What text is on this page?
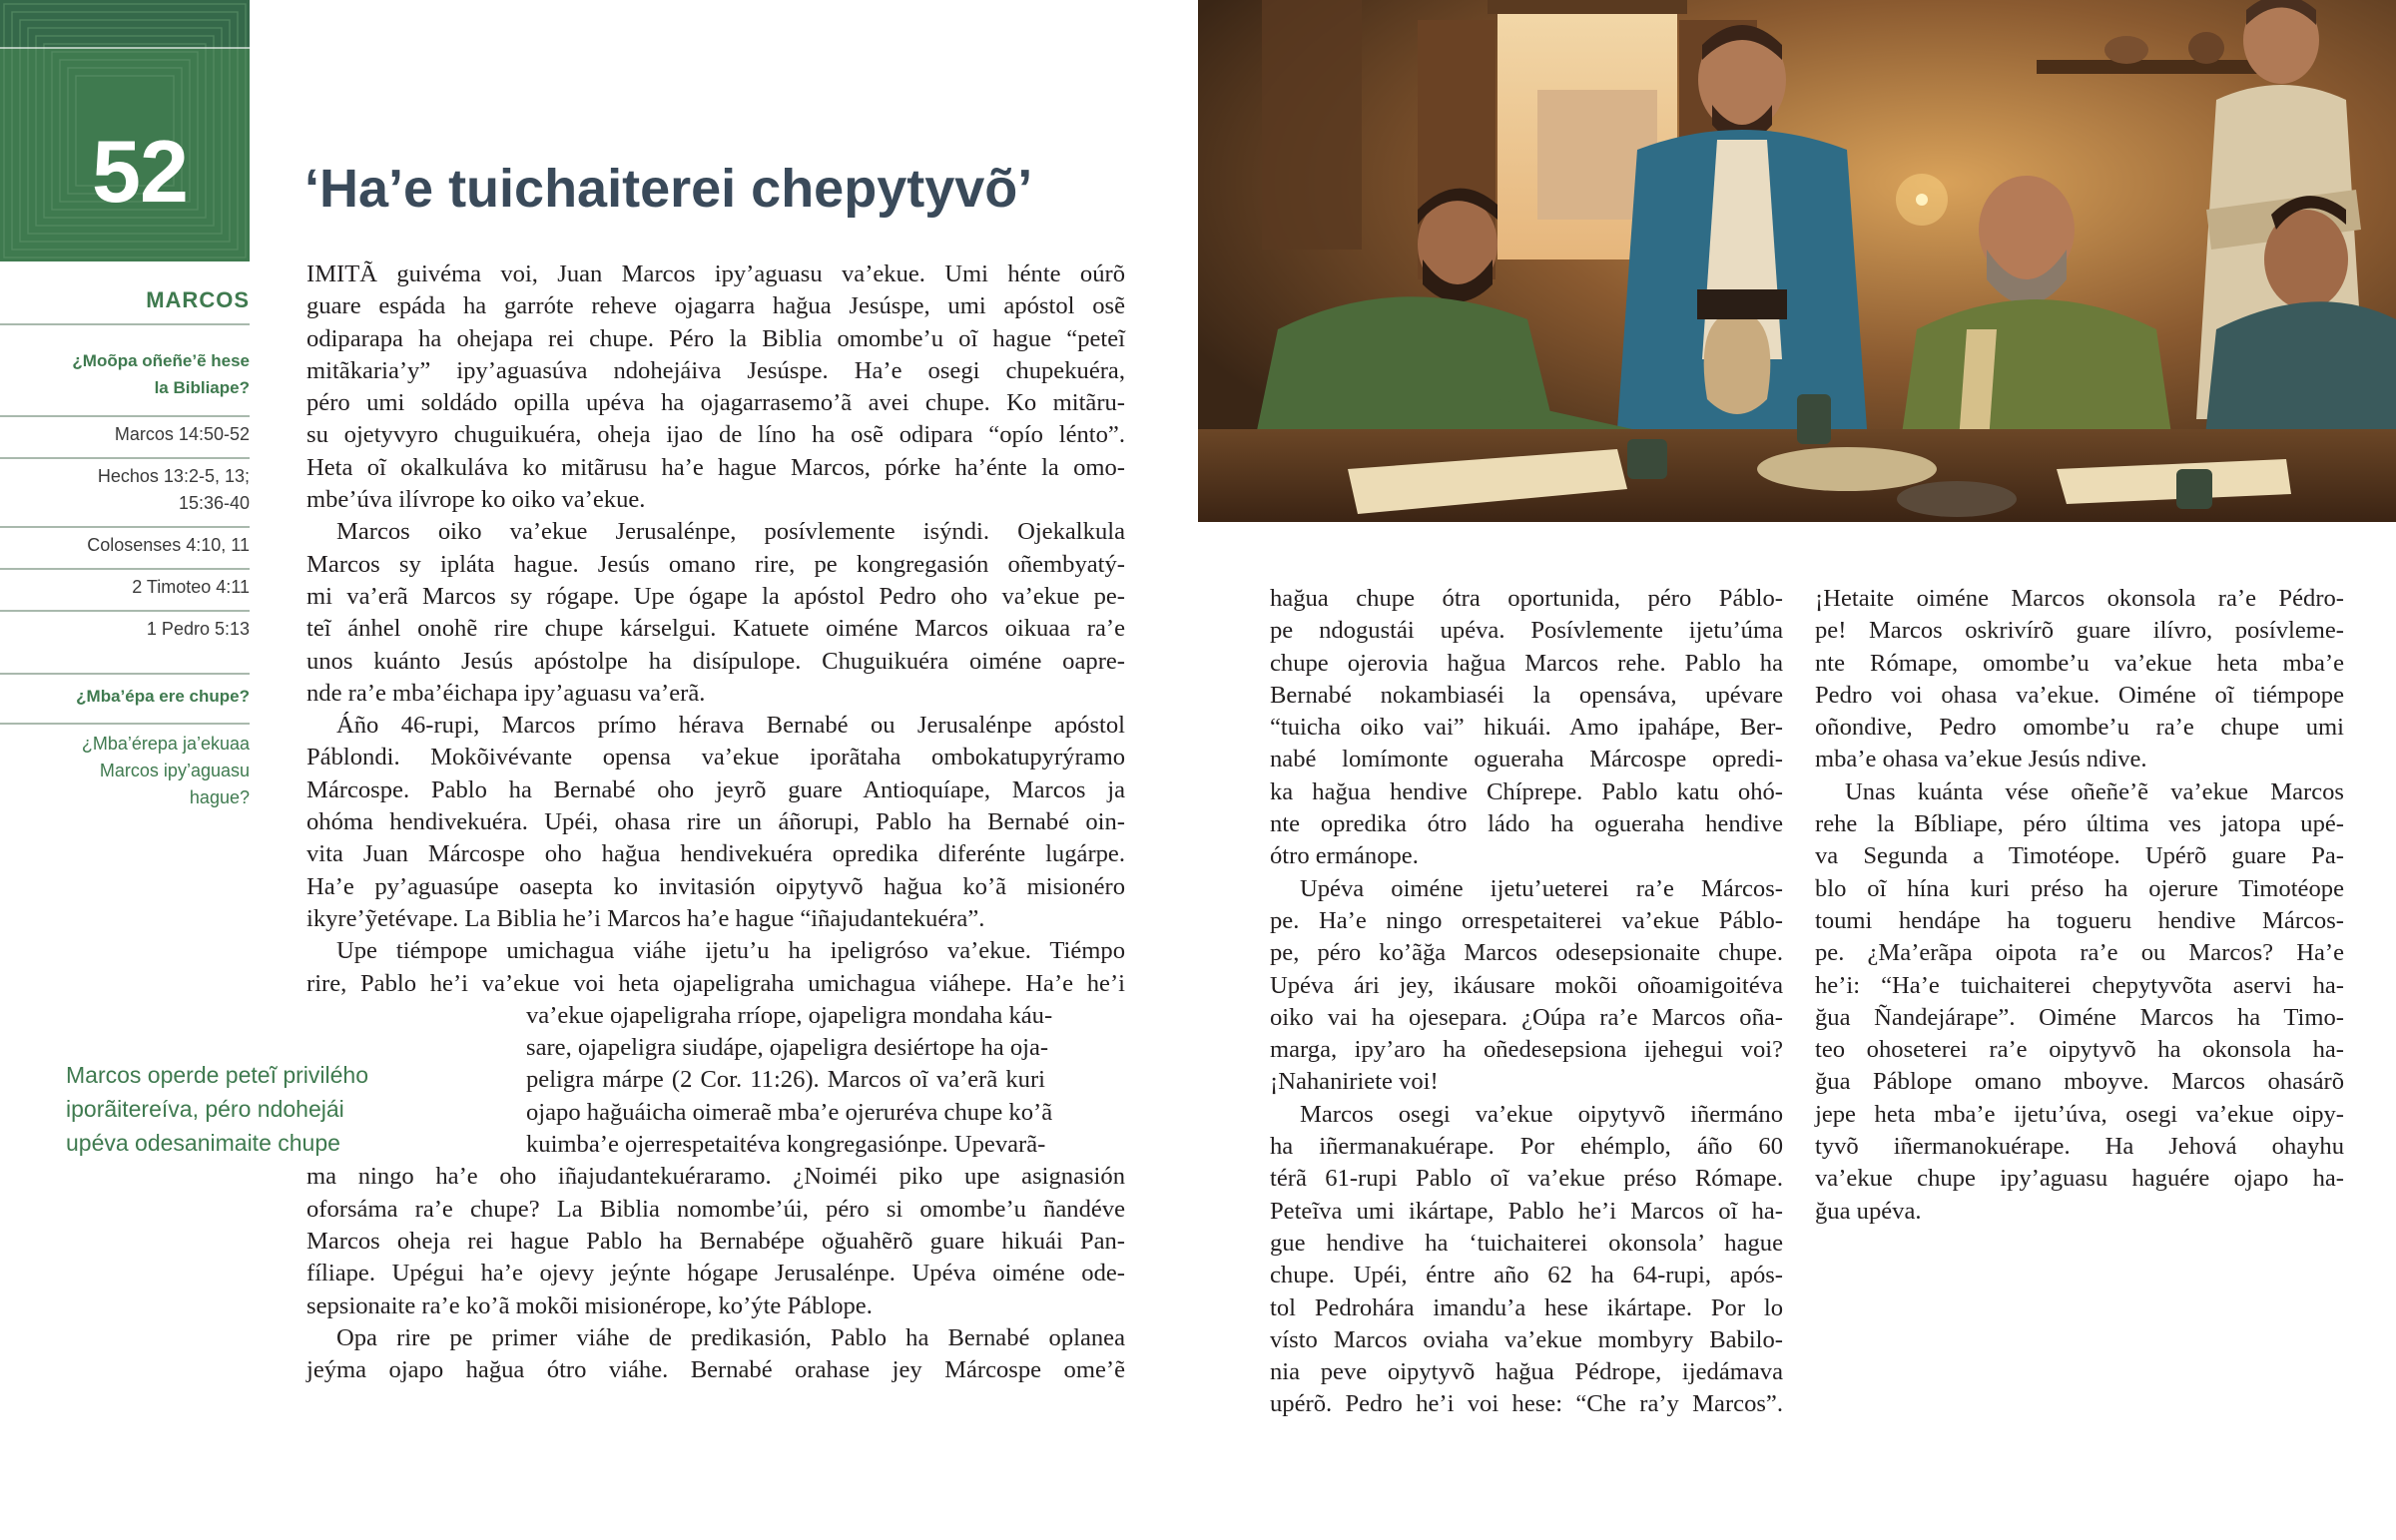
52
MARCOS
¿Moõpa oñeñe’ẽ hese
la Bibliape?
Marcos 14:50-52
Hechos 13:2-5, 13;
15:36-40
Colosenses 4:10, 11
2 Timoteo 4:11
1 Pedro 5:13
¿Mba’épa ere chupe?
¿Mba’érepa ja’ekuaa
Marcos ipy’aguasu
hague?
‘Ha’e tuichaiterei chepytyvõ’
Marcos operde peteĩ privilého
iporãitereíva, péro ndohejái
upéva odesanimaite chupe
IMITÃ guivéma voi, Juan Marcos ipy’aguasu va’ekue. Umi hénte oúrõ
guare espáda ha garróte reheve ojagarra hağua Jesúspe, umi apóstol osẽ
odiparapa ha ohejapa rei chupe. Péro la Biblia omombe’u oĩ hague “peteĩ
mitãkaria’y” ipy’aguasúva ndohejáiva Jesúspe. Ha’e osegi chupekuéra,
péro umi soldádo opilla upéva ha ojagarrasemo’ã avei chupe. Ko mitãru-
su ojetyvyro chuguikuéra, oheja ijao de líno ha osẽ odipara “opío lénto”.
Heta oĩ okalkuláva ko mitãrusu ha’e hague Marcos, pórke ha’énte la omo-
mbe’úva ilívrope ko oiko va’ekue.
Marcos oiko va’ekue Jerusalénpe, posívlemente isýndi. Ojekalkula
Marcos sy ipláta hague. Jesús omano rire, pe kongregasión oñembyatý-
mi va’erã Marcos sy rógape. Upe ógape la apóstol Pedro oho va’ekue pe-
teĩ ánhel onohẽ rire chupe kárselgui. Katuete oiméne Marcos oikuaa ra’e
unos kuánto Jesús apóstolpe ha disípulope. Chuguikuéra oiméne oapre-
nde ra’e mba’éichapa ipy’aguasu va’erã.
Áño 46-rupi, Marcos prímo hérava Bernabé ou Jerusalénpe apóstol
Páblondi. Mokõivévante opensa va’ekue iporãtaha ombokatupyrýramo
Márcospe. Pablo ha Bernabé oho jeyrõ guare Antioquíape, Marcos ja
ohóma hendivekuéra. Upéi, ohasa rire un áñorupi, Pablo ha Bernabé oin-
vita Juan Márcospe oho hağua hendivekuéra opredika diferénte lugárpe.
Ha’e py’aguasúpe oasepta ko invitasión oipytyvõ hağua ko’ã misionéro
ikyre’ỹetévape. La Biblia he’i Marcos ha’e hague “iñajudantekuéra”.
Upe tiémpope umichagua viáhe ijetu’u ha ipeligróso va’ekue. Tiémpo
rire, Pablo he’i va’ekue voi heta ojapeligraha umichagua viáhepe. Ha’e he’i
va’ekue ojapeligraha rríope, ojapeligra mondaha káu-
sare, ojapeligra siudápe, ojapeligra desiértope ha oja-
peligra márpe (2 Cor. 11:26). Marcos oĩ va’erã kuri
ojapo hağuáicha oimeraẽ mba’e ojeruréva chupe ko’ã
kuimba’e ojerrespetaitéva kongregasiónpe. Upevarã-
ma ningo ha’e oho iñajudantekuéraramo. ¿Noiméi piko upe asignasión
oforsáma ra’e chupe? La Biblia nomombe’úi, péro si omombe’u ñandéve
Marcos oheja rei hague Pablo ha Bernabépe oğuahẽrõ guare hikuái Pan-
fíliape. Upégui ha’e ojevy jeýnte hógape Jerusalénpe. Upéva oiméne ode-
sepsionaite ra’e ko’ã mokõi misionérope, ko’ýte Páblope.
Opa rire pe primer viáhe de predikasión, Pablo ha Bernabé oplanea
jeýma ojapo hağua ótro viáhe. Bernabé orahase jey Márcospe ome’ẽ
hağua chupe ótra oportunida, péro Páblo-
pe ndogustái upéva. Posívlemente ijetu’úma
chupe ojerovia hağua Marcos rehe. Pablo ha
Bernabé nokambiaséi la opensáva, upévare
“tuicha oiko vai” hikuái. Amo ipahápe, Ber-
nabé lomímonte ogueraha Márcospe opredi-
ka hağua hendive Chíprepe. Pablo katu ohó-
nte opredika ótro ládo ha ogueraha hendive
ótro ermánope.
Upéva oiméne ijetu’ueterei ra’e Márcos-
pe. Ha’e ningo orrespetaiterei va’ekue Páblo-
pe, péro ko’ãğa Marcos odesepsionaite chupe.
Upéva ári jey, ikáusare mokõi oñoamigoitéva
oiko vai ha ojesepara. ¿Oúpa ra’e Marcos oña-
marga, ipy’aro ha oñedesepsiona ijehegui voi?
¡Nahaniriete voi!
Marcos osegi va’ekue oipytyvõ iñermáno
ha iñermanakuérape. Por ehémplo, áño 60
térã 61-rupi Pablo oĩ va’ekue préso Rómape.
Peteĩva umi ikártape, Pablo he’i Marcos oĩ ha-
gue hendive ha ‘tuichaiterei okonsola’ hague
chupe. Upéi, éntre año 62 ha 64-rupi, após-
tol Pedrohára imandu’a hese ikártape. Por lo
vísto Marcos oviaha va’ekue mombyry Babilo-
nia peve oipytyvõ hağua Pédrope, ijedámava
upérõ. Pedro he’i voi hese: “Che ra’y Marcos”.
¡Hetaite oiméne Marcos okonsola ra’e Pédro-
pe! Marcos oskrivírõ guare ilívro, posívleme-
nte Rómape, omombe’u va’ekue heta mba’e
Pedro voi ohasa va’ekue. Oiméne oĩ tiémpope
oñondive, Pedro omombe’u ra’e chupe umi
mba’e ohasa va’ekue Jesús ndive.
Unas kuánta vése oñeñe’ẽ va’ekue Marcos
rehe la Bíbliape, péro última ves jatopa upé-
va Segunda a Timotéope. Upérõ guare Pa-
blo oĩ hína kuri préso ha ojerure Timotéope
toumi hendápe ha togueru hendive Márcos-
pe. ¿Ma’erãpa oipota ra’e ou Marcos? Ha’e
he’i: “Ha’e tuichaiterei chepytyvõta aservi ha-
ğua Ñandejárape”. Oiméne Marcos ha Timo-
teo ohoseterei ra’e oipytyvõ ha okonsola ha-
ğua Páblope omano mboyve. Marcos ohasárõ
jepe heta mba’e ijetu’úva, osegi va’ekue oipy-
tyvõ iñermanokuérape. Ha Jehová ohayhu
va’ekue chupe ipy’aguasu haguére ojapo ha-
ğua upéva.
